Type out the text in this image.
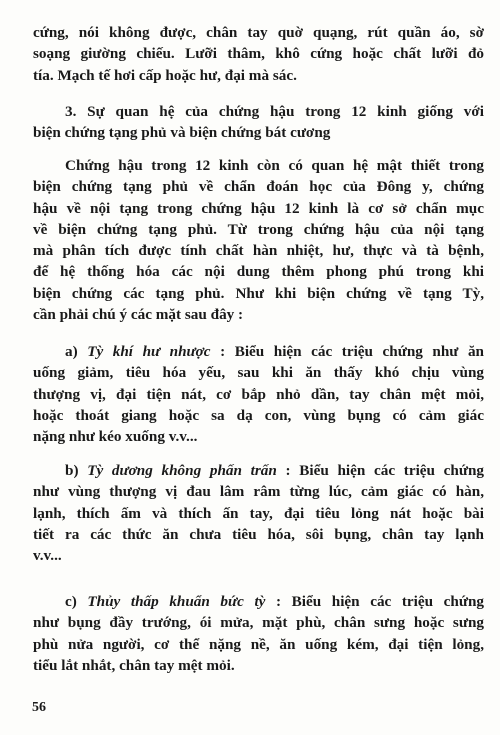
cứng, nói không được, chân tay quờ quạng, rút quần áo, sờ
soạng giường chiếu. Lưỡi thâm, khô cứng hoặc chất lưỡi đỏ
tía. Mạch tế hơi cấp hoặc hư, đại mà sác.
3. Sự quan hệ của chứng hậu trong 12 kinh giống với
biện chứng tạng phủ và biện chứng bát cương
Chứng hậu trong 12 kinh còn có quan hệ mật thiết trong
biện chứng tạng phủ về chẩn đoán học của Đông y, chứng
hậu về nội tạng trong chứng hậu 12 kinh là cơ sở chẩn mục
về biện chứng tạng phủ. Từ trong chứng hậu của nội tạng
mà phân tích được tính chất hàn nhiệt, hư, thực và tà bệnh,
để hệ thống hóa các nội dung thêm phong phú trong khi
biện chứng các tạng phủ. Như khi biện chứng về tạng Tỳ,
cần phải chú ý các mặt sau đây :
a) Tỳ khí hư nhược : Biểu hiện các triệu chứng như ăn
uống giảm, tiêu hóa yếu, sau khi ăn thấy khó chịu vùng
thượng vị, đại tiện nát, cơ bắp nhỏ dần, tay chân mệt mỏi,
hoặc thoát giang hoặc sa dạ con, vùng bụng có cảm giác
nặng như kéo xuống v.v...
b) Tỳ dương không phấn trấn : Biểu hiện các triệu chứng
như vùng thượng vị đau lâm râm từng lúc, cảm giác có hàn,
lạnh, thích ấm và thích ấn tay, đại tiêu lỏng nát hoặc bài
tiết ra các thức ăn chưa tiêu hóa, sôi bụng, chân tay lạnh
v.v...
c) Thủy thấp khuẩn bức tỳ : Biểu hiện các triệu chứng
như bụng đầy trướng, ói mửa, mặt phù, chân sưng hoặc sưng
phù nửa người, cơ thể nặng nề, ăn uống kém, đại tiện lỏng,
tiểu lắt nhắt, chân tay mệt mỏi.
56
